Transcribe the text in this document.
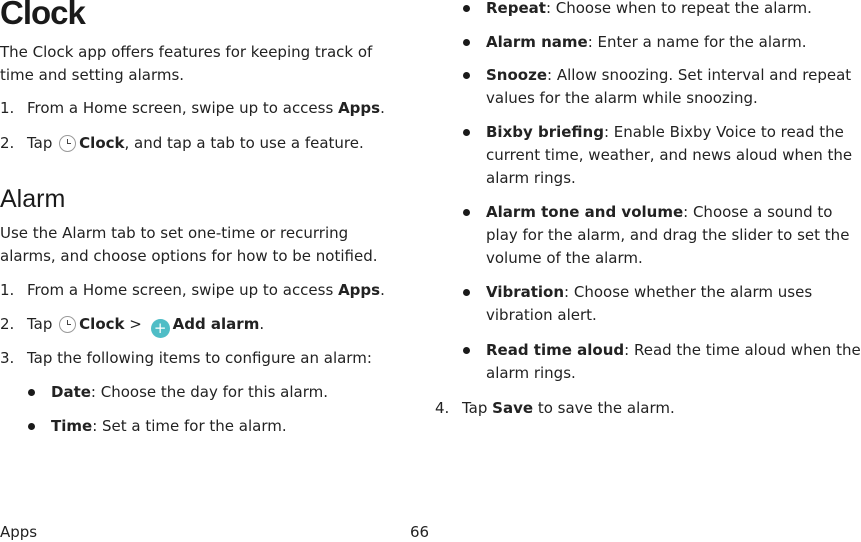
Clock

The Clock app offers features for keeping track of time and setting alarms.

1. From a Home screen, swipe up to access Apps.
2. Tap Clock, and tap a tab to use a feature.
Alarm

Use the Alarm tab to set one-time or recurring alarms, and choose options for how to be notified.

1. From a Home screen, swipe up to access Apps.
2. Tap Clock > + Add alarm.
3. Tap the following items to configure an alarm:
Date: Choose the day for this alarm.
Time: Set a time for the alarm.
Repeat: Choose when to repeat the alarm.
Alarm name: Enter a name for the alarm.
Snooze: Allow snoozing. Set interval and repeat
values for the alarm while snoozing.
Bixby briefing: Enable Bixby Voice to read the
current time, weather, and news aloud when the
alarm rings.
Alarm tone and volume: Choose a sound to
play for the alarm, and drag the slider to set the
volume of the alarm.
Vibration: Choose whether the alarm uses
vibration alert.
Read time aloud: Read the time aloud when the
alarm rings.
4. Tap Save to save the alarm.
Apps	66
